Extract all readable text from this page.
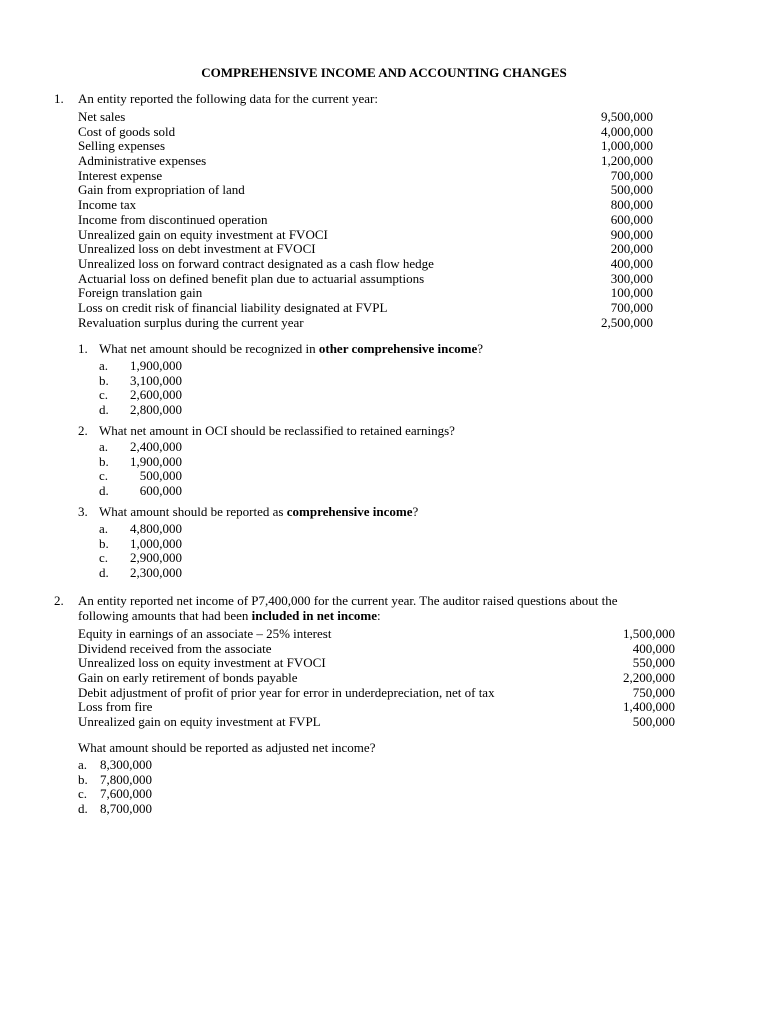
COMPREHENSIVE INCOME AND ACCOUNTING CHANGES
1. An entity reported the following data for the current year:
Net sales	9,500,000
Cost of goods sold	4,000,000
Selling expenses	1,000,000
Administrative expenses	1,200,000
Interest expense	700,000
Gain from expropriation of land	500,000
Income tax	800,000
Income from discontinued operation	600,000
Unrealized gain on equity investment at FVOCI	900,000
Unrealized loss on debt investment at FVOCI	200,000
Unrealized loss on forward contract designated as a cash flow hedge	400,000
Actuarial loss on defined benefit plan due to actuarial assumptions	300,000
Foreign translation gain	100,000
Loss on credit risk of financial liability designated at FVPL	700,000
Revaluation surplus during the current year	2,500,000
1. What net amount should be recognized in other comprehensive income?
a.	1,900,000
b.	3,100,000
c.	2,600,000
d.	2,800,000
2. What net amount in OCI should be reclassified to retained earnings?
a.	2,400,000
b.	1,900,000
c.	500,000
d.	600,000
3. What amount should be reported as comprehensive income?
a.	4,800,000
b.	1,000,000
c.	2,900,000
d.	2,300,000
2. An entity reported net income of P7,400,000 for the current year. The auditor raised questions about the
following amounts that had been included in net income:
Equity in earnings of an associate – 25% interest	1,500,000
Dividend received from the associate	400,000
Unrealized loss on equity investment at FVOCI	550,000
Gain on early retirement of bonds payable	2,200,000
Debit adjustment of profit of prior year for error in underdepreciation, net of tax	750,000
Loss from fire	1,400,000
Unrealized gain on equity investment at FVPL	500,000
What amount should be reported as adjusted net income?
a. 8,300,000
b. 7,800,000
c. 7,600,000
d. 8,700,000
